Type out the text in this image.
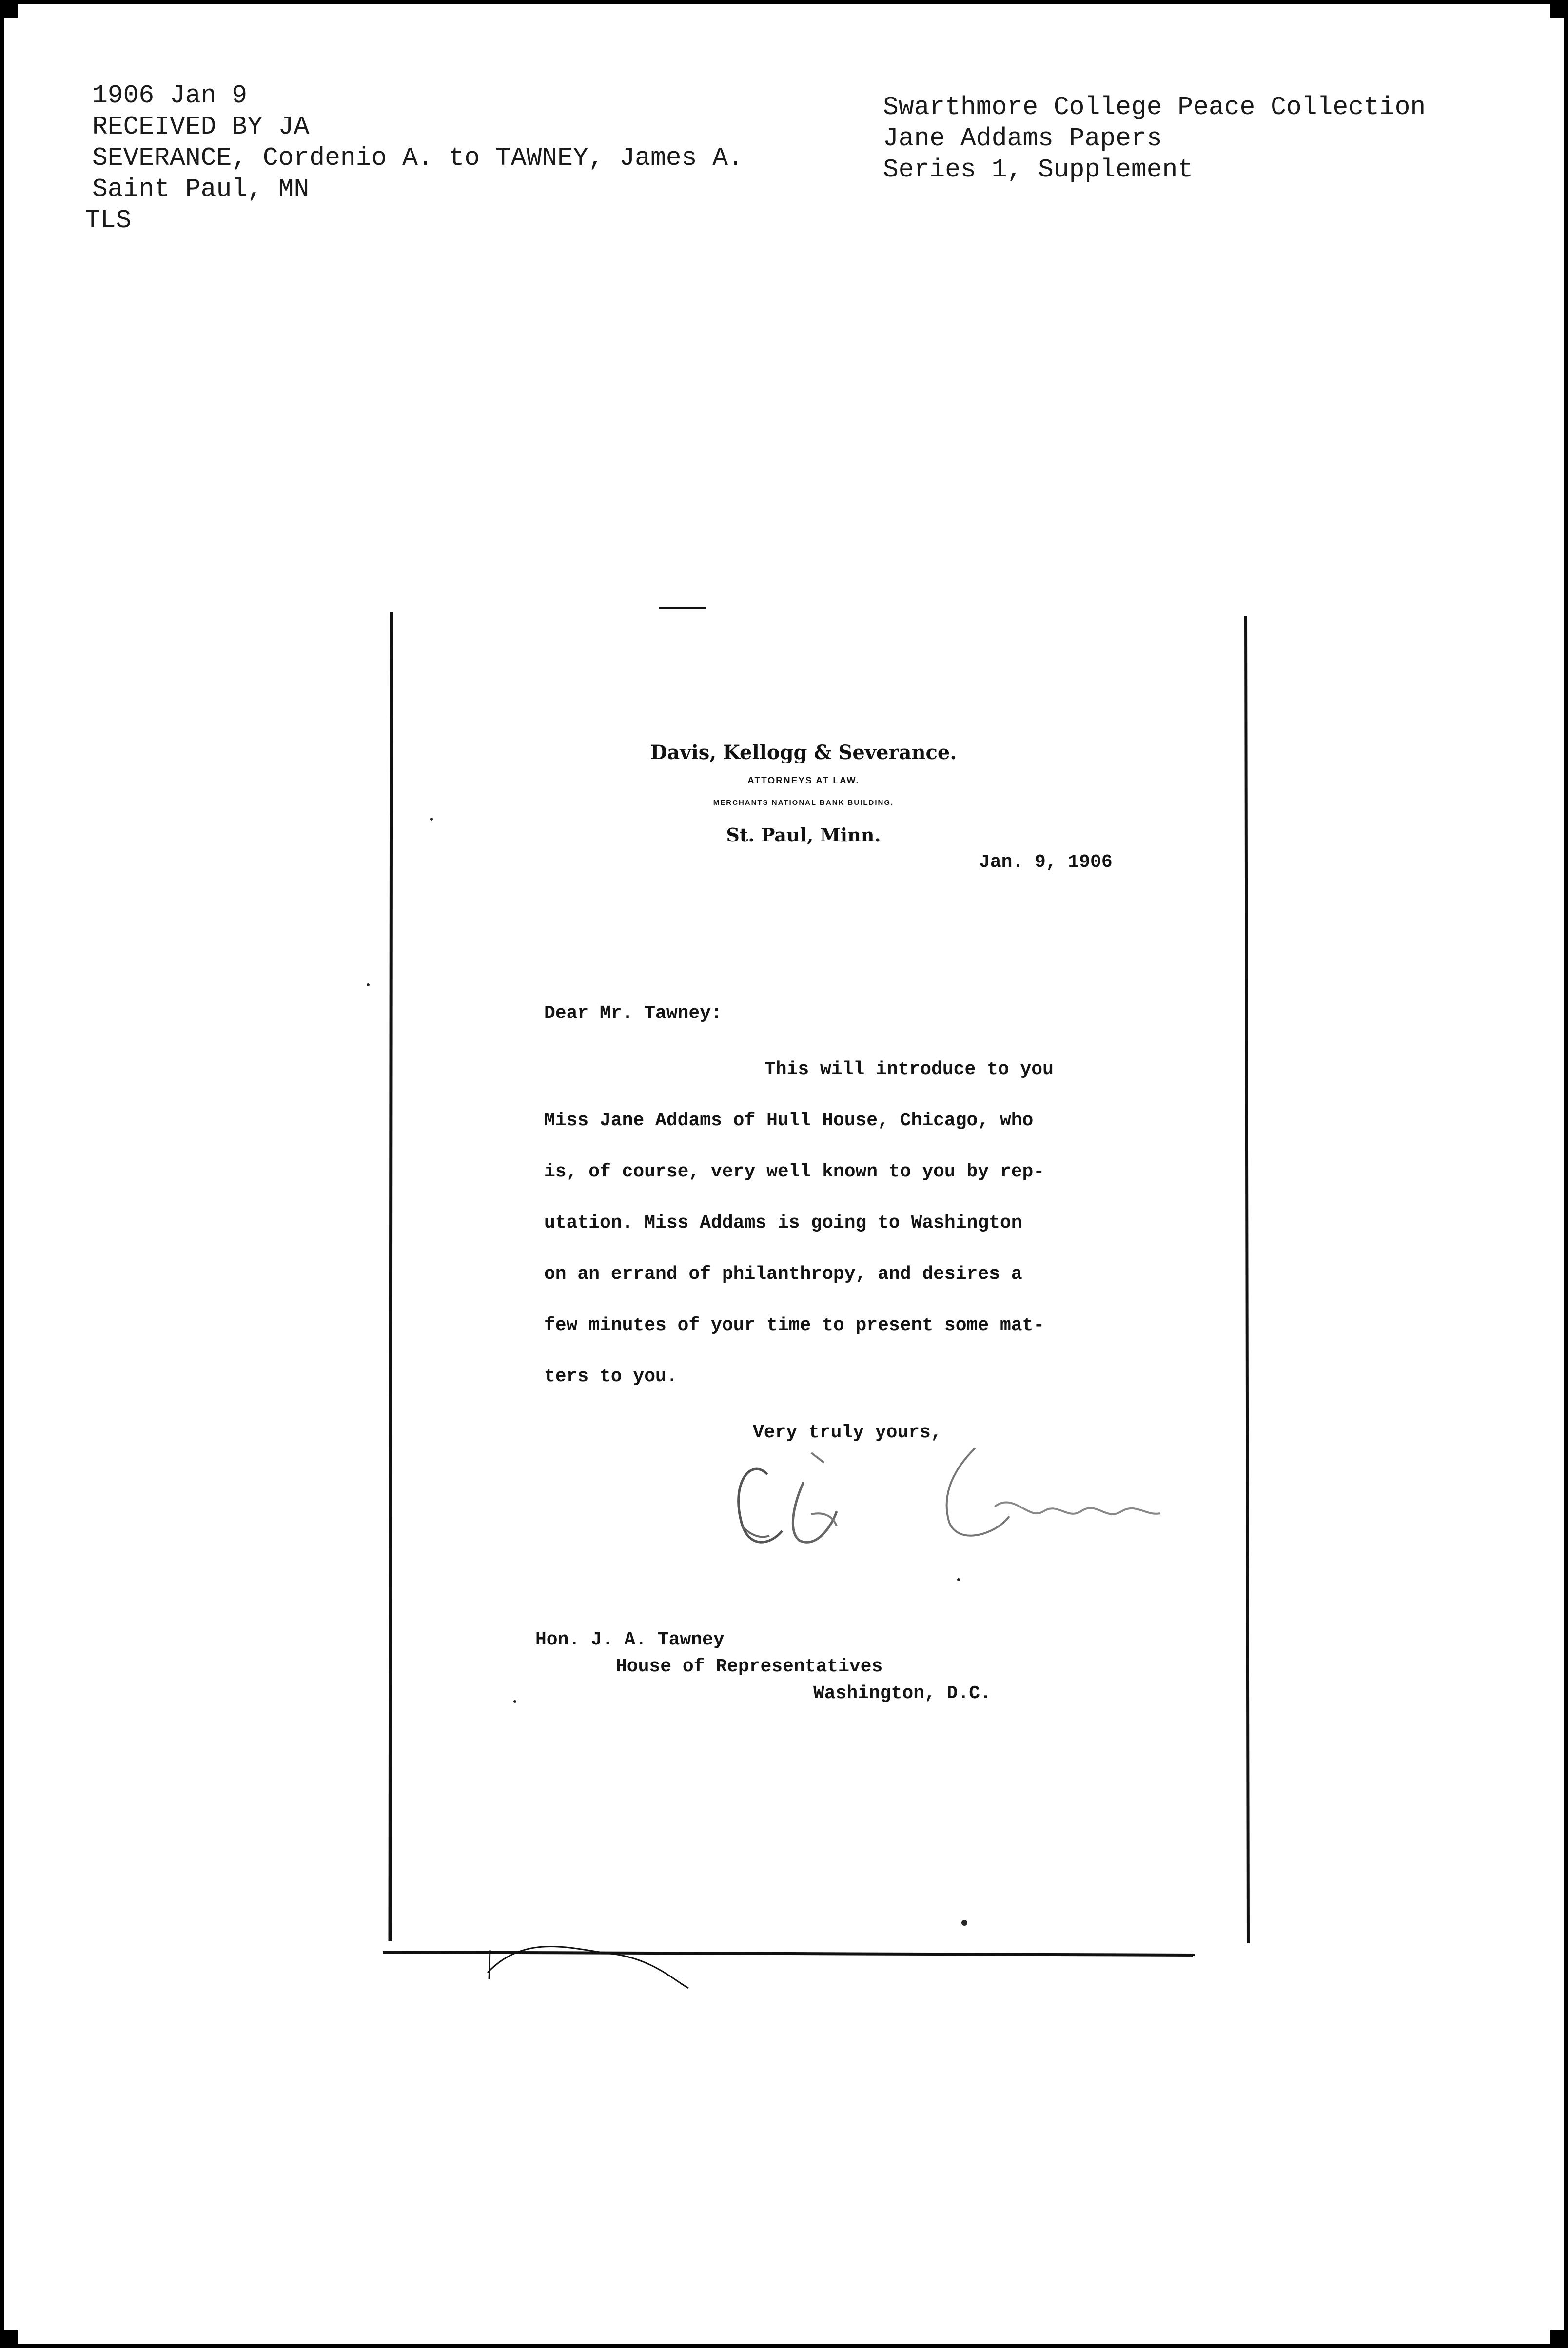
1906 Jan 9

RECEIVED BY JA

SEVERANCE, Cordenio A. to TAWNEY, James A.

Saint Paul, MN

TLS

Swarthmore College Peace Collection

Jane Addams Papers

Series 1, Supplement

Davis, Kellogg & Severance.

ATTORNEYS AT LAW.

MERCHANTS NATIONAL BANK BUILDING.

St. Paul, Minn.

Jan. 9, 1906

Dear Mr. Tawney:

This will introduce to you

Miss Jane Addams of Hull House, Chicago, who

is, of course, very well known to you by rep-

utation. Miss Addams is going to Washington

on an errand of philanthropy, and desires a

few minutes of your time to present some mat-

ters to you.

Very truly yours,

Hon. J. A. Tawney

House of Representatives

Washington, D.C.
